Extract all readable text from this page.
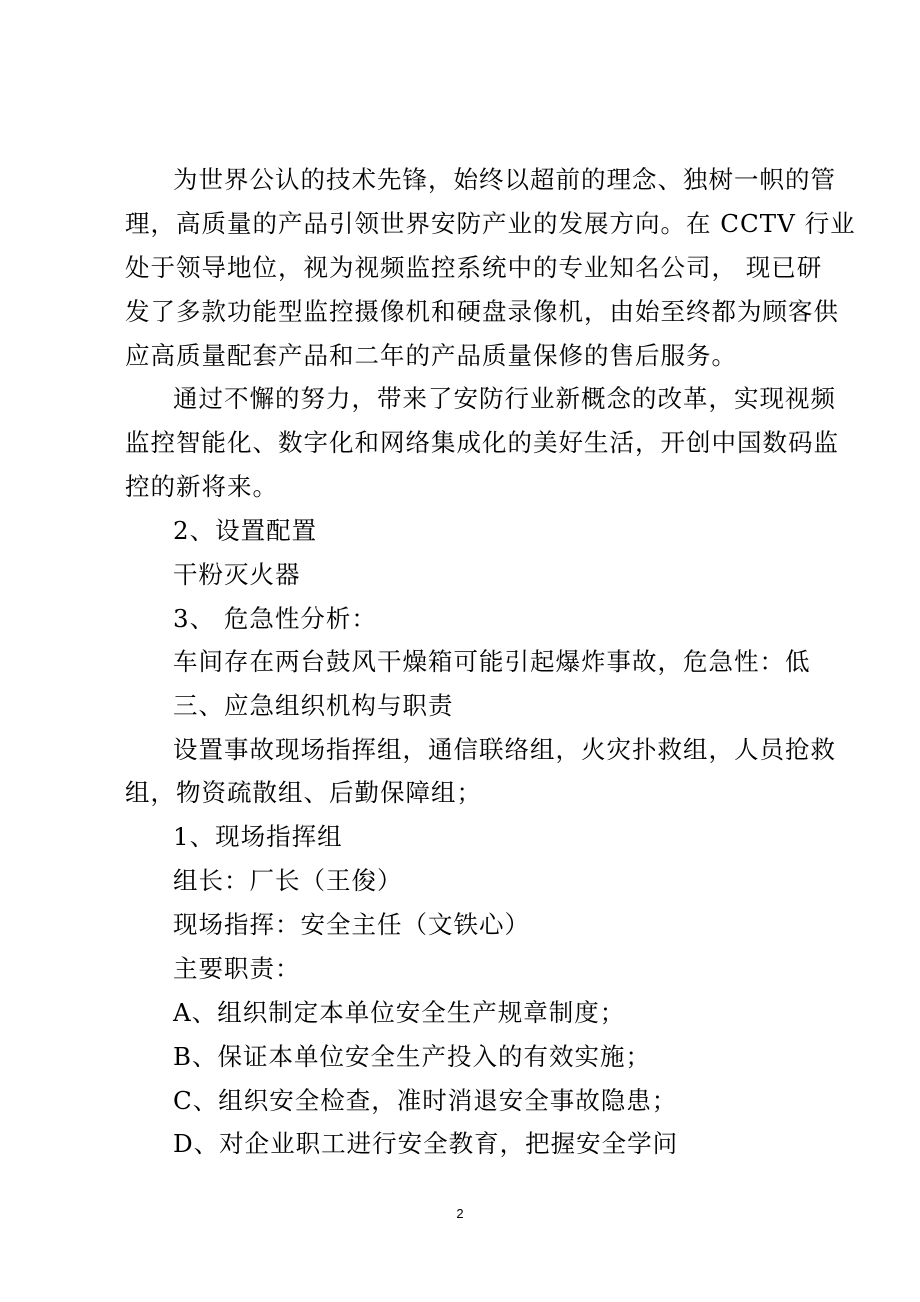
为世界公认的技术先锋，始终以超前的理念、独树一帜的管
理，高质量的产品引领世界安防产业的发展方向。在 CCTV 行业
处于领导地位，视为视频监控系统中的专业知名公司， 现已研
发了多款功能型监控摄像机和硬盘录像机，由始至终都为顾客供
应高质量配套产品和二年的产品质量保修的售后服务。
通过不懈的努力，带来了安防行业新概念的改革，实现视频
监控智能化、数字化和网络集成化的美好生活，开创中国数码监
控的新将来。
2、设置配置
干粉灭火器
3、 危急性分析：
车间存在两台鼓风干燥箱可能引起爆炸事故，危急性：低
三、应急组织机构与职责
设置事故现场指挥组，通信联络组，火灾扑救组，人员抢救
组，物资疏散组、后勤保障组；
1、现场指挥组
组长：厂长（王俊）
现场指挥：安全主任（文铁心）
主要职责：
A、组织制定本单位安全生产规章制度；
B、保证本单位安全生产投入的有效实施；
C、组织安全检查，准时消退安全事故隐患；
D、对企业职工进行安全教育，把握安全学问
2
